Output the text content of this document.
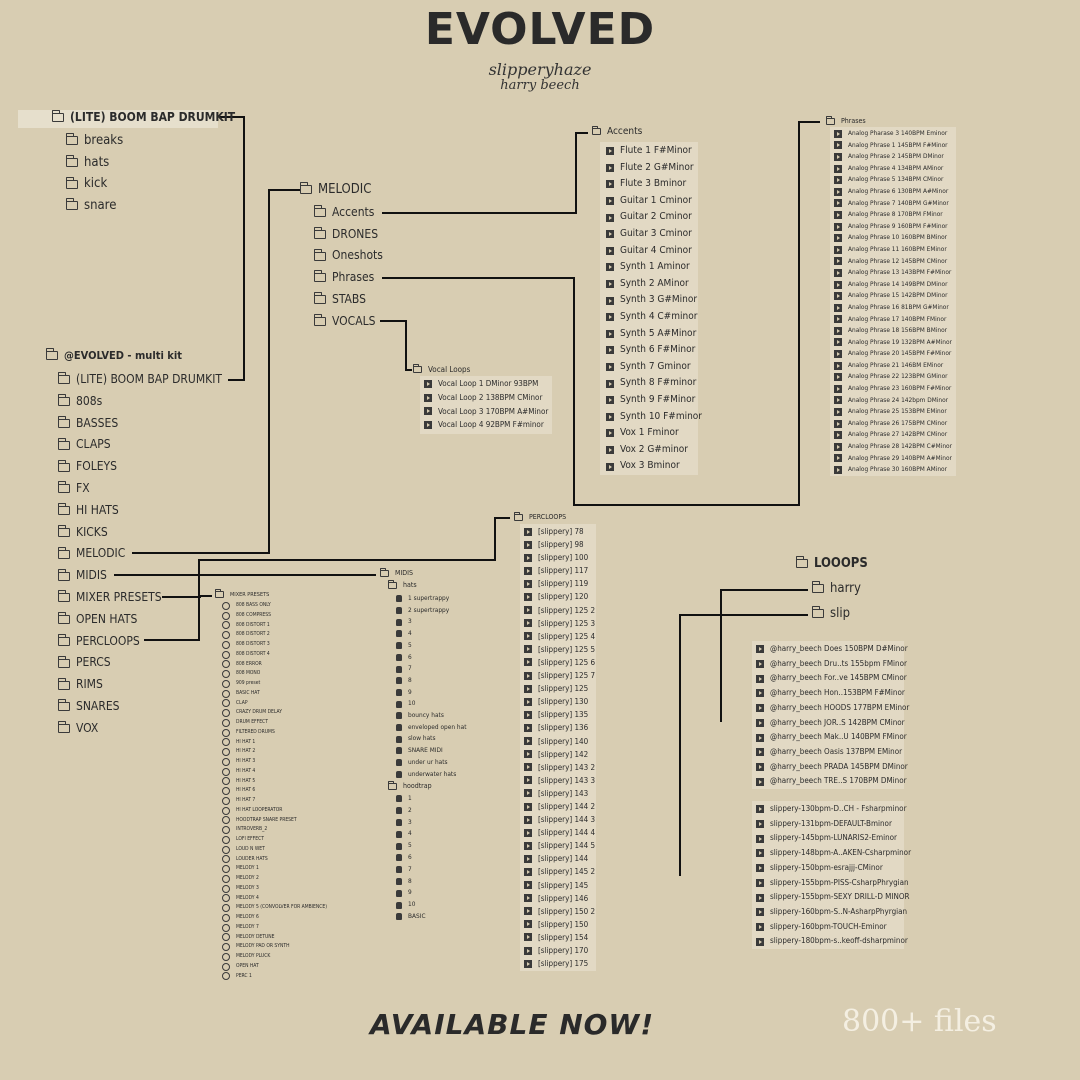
EVOLVED
slipperyhaze
harry beech
AVAILABLE NOW!	800+ files
(LITE) BOOM BAP DRUMKIT
breaks
hats
kick
snare
MELODIC
Accents
DRONES
Oneshots
Phrases
STABS
VOCALS
Accents
Flute 1 F#Minor
Flute 2 G#Minor
Flute 3 Bminor
Guitar 1 Cminor
Guitar 2 Cminor
Guitar 3 Cminor
Guitar 4 Cminor
Synth 1 Aminor
Synth 2 AMinor
Synth 3 G#Minor
Synth 4 C#minor
Synth 5 A#Minor
Synth 6 F#Minor
Synth 7 Gminor
Synth 8 F#minor
Synth 9 F#Minor
Synth 10 F#minor
Vox 1 Fminor
Vox 2 G#minor
Vox 3 Bminor
Phrases
Analog Pharase 3 140BPM Eminor
Analog Phrase 1 145BPM F#Minor
Analog Phrase 2 145BPM DMinor
Analog Phrase 4 134BPM AMinor
Analog Phrase 5 134BPM CMinor
Analog Phrase 6 130BPM A#Minor
Analog Phrase 7 140BPM G#Minor
Analog Phrase 8 170BPM FMinor
Analog Phrase 9 160BPM F#Minor
Analog Phrase 10 160BPM BMinor
Analog Phrase 11 160BPM EMinor
Analog Phrase 12 145BPM CMinor
Analog Phrase 13 143BPM F#Minor
Analog Phrase 14 149BPM DMinor
Analog Phrase 15 142BPM DMinor
Analog Phrase 16 81BPM G#Minor
Analog Phrase 17 140BPM FMinor
Analog Phrase 18 156BPM BMinor
Analog Phrase 19 132BPM A#Minor
Analog Phrase 20 145BPM F#Minor
Analog Phrase 21 146BM EMinor
Analog Phrase 22 123BPM GMinor
Analog Phrase 23 160BPM F#Minor
Analog Phrase 24 142bpm DMinor
Analog Phrase 25 153BPM EMinor
Analog Phrase 26 175BPM CMinor
Analog Phrase 27 142BPM CMinor
Analog Phrase 28 142BPM C#Minor
Analog Phrase 29 140BPM A#Minor
Analog Phrase 30 160BPM AMinor
Vocal Loops
Vocal Loop 1 DMinor 93BPM
Vocal Loop 2 138BPM CMinor
Vocal Loop 3 170BPM A#Minor
Vocal Loop 4 92BPM F#minor
@EVOLVED - multi kit
(LITE) BOOM BAP DRUMKIT
808s
BASSES
CLAPS
FOLEYS
FX
HI HATS
KICKS
MELODIC
MIDIS
MIXER PRESETS
OPEN HATS
PERCLOOPS
PERCS
RIMS
SNARES
VOX
MIXER PRESETS
808 BASS ONLY
808 COMPRESS
808 DISTORT 1
808 DISTORT 2
808 DISTORT 3
808 DISTORT 4
808 ERROR
808 MONO
909 preset
BASIC HAT
CLAP
CRAZY DRUM DELAY
DRUM EFFECT
FILTERED DRUMS
HI HAT 1
HI HAT 2
HI HAT 3
HI HAT 4
HI HAT 5
HI HAT 6
HI HAT 7
HI HAT LOOPERATOR
HOODTRAP SNARE PRESET
INTROVERB_2
LOFI EFFECT
LOUD N WET
LOUDER HATS
MELODY 1
MELODY 2
MELODY 3
MELODY 4
MELODY 5 (CONVOLVER FOR AMBIENCE)
MELODY 6
MELODY 7
MELODY DETUNE
MELODY PAD OR SYNTH
MELODY PLUCK
OPEN HAT
PERC 1
MIDIS
hats
1 supertrappy
2 supertrappy
3
4
5
6
7
8
9
10
bouncy hats
enveloped open hat
slow hats
SNARE MIDI
under ur hats
underwater hats
hoodtrap
1
2
3
4
5
6
7
8
9
10
BASIC
PERCLOOPS
[slippery] 78
[slippery] 98
[slippery] 100
[slippery] 117
[slippery] 119
[slippery] 120
[slippery] 125 2
[slippery] 125 3
[slippery] 125 4
[slippery] 125 5
[slippery] 125 6
[slippery] 125 7
[slippery] 125
[slippery] 130
[slippery] 135
[slippery] 136
[slippery] 140
[slippery] 142
[slippery] 143 2
[slippery] 143 3
[slippery] 143
[slippery] 144 2
[slippery] 144 3
[slippery] 144 4
[slippery] 144 5
[slippery] 144
[slippery] 145 2
[slippery] 145
[slippery] 146
[slippery] 150 2
[slippery] 150
[slippery] 154
[slippery] 170
[slippery] 175
LOOOPS
harry
slip
@harry_beech Does 150BPM D#Minor
@harry_beech Dru..ts 155bpm FMinor
@harry_beech For..ve 145BPM CMinor
@harry_beech Hon..153BPM F#Minor
@harry_beech HOODS 177BPM EMinor
@harry_beech JOR..S 142BPM CMinor
@harry_beech Mak..U 140BPM FMinor
@harry_beech Oasis 137BPM EMinor
@harry_beech PRADA 145BPM DMinor
@harry_beech TRE..S 170BPM DMinor
slippery-130bpm-D..CH - Fsharpminor
slippery-131bpm-DEFAULT-Bminor
slippery-145bpm-LUNARIS2-Eminor
slippery-148bpm-A..AKEN-Csharpminor
slippery-150bpm-esrajjj-CMinor
slippery-155bpm-PISS-CsharpPhrygian
slippery-155bpm-SEXY DRILL-D MINOR
slippery-160bpm-S..N-AsharpPhyrgian
slippery-160bpm-TOUCH-Eminor
slippery-180bpm-s..keoff-dsharpminor
